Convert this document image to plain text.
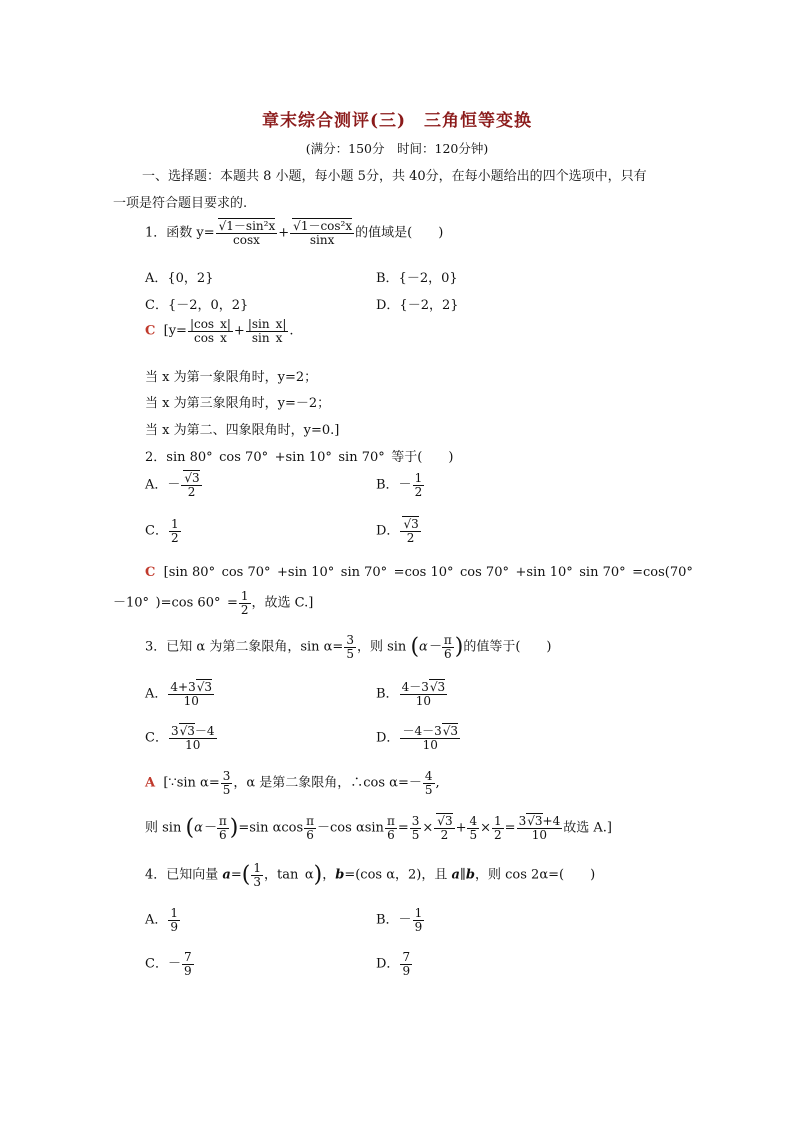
章末综合测评(三)　三角恒等变换
(满分：150分　时间：120分钟)
一、选择题：本题共 8 小题，每小题 5分，共 40分，在每小题给出的四个选项中，只有
一项是符合题目要求的.
1．函数 y= √ $\frac{\text{1－sin²x}}{\cos x}$ + √ $\frac{\text{1－cos²x}}{\sin x}$ 的值域是(　　)
A．{0，2}	B．{－2，0}
C．{－2，0，2}	D．{－2，2}
C [$y= \frac{\text{|cos x|}}{\text{cos x}} + \frac{\text{|sin x|}}{\text{sin x}}$ .
当 x 为第一象限角时，y=2；
当 x 为第三象限角时，y=－2；
当 x 为第二、四象限角时，y=0.]
2．sin 80° cos 70° +sin 10° sin 70° 等于(　　)
A．－ √ $\frac{3}{2}$	B．－ $\frac{1}{2}$
C． $\frac{1}{2}$	D． √ $\frac{3}{2}$
C [sin 80° cos 70° +sin 10° sin 70° =cos 10° cos 70° +sin 10° sin 70° =cos(70°
－10° )=cos 60° = $\frac{1}{2}$ ，故选 C.]
3．已知 α 为第二象限角，$\sin \alpha= \frac{3}{5}$ ，则 $\sin (\alpha- \frac{\pi}{6}$ )的值等于(　　)
A． $\frac{4+3 √ 3}{10}$	B． $\frac{4-3 √ 3}{10}$
C． $\frac{3 √ 3-4}{10}$	D． $\frac{-4-3 √ 3}{10}$
A [∵sin $\alpha= \frac{3}{5}$ ，α 是第二象限角，∴cos $\alpha=- \frac{4}{5}$ ,
则 $\sin (\alpha- \frac{\pi}{6} )=\sin$ αcos $\frac{\pi}{6} -\cos$ αsin $\frac{\pi}{6} = \frac{3}{5}$ × √ $\frac{3}{2} + \frac{4}{5} \times \frac{1}{2} = \frac{3 √ 3+4}{10}$ 故选 A.]
4．已知向量 $a=( \frac{1}{3}$ ，tan α)，b=(cos α，2)，且 a∥b，则 cos 2α=(　　)
A． $\frac{1}{9}$	B．－ $\frac{1}{9}$
C．－ $\frac{7}{9}$	D． $\frac{7}{9}$
